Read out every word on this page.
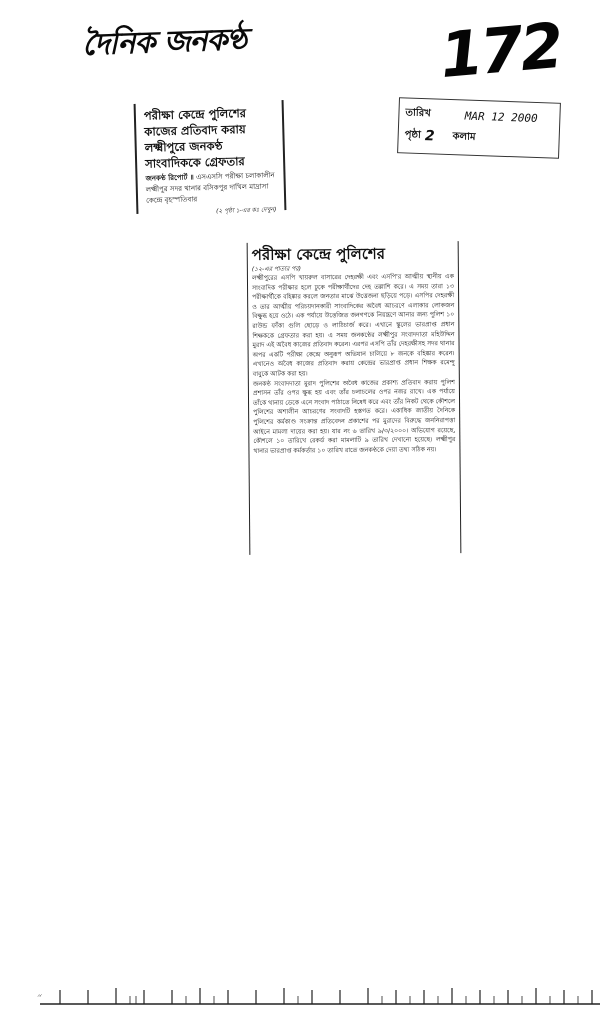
দৈনিক জনকণ্ঠ	172
তারিখ	MAR 12 2000
পৃষ্ঠা 2 কলাম
পরীক্ষা কেন্দ্রে পুলিশের কাজের প্রতিবাদ করায় লক্ষ্মীপুরে জনকণ্ঠ সাংবাদিককে গ্রেফতার
জনকণ্ঠ রিপোর্ট ॥ এসএসসি পরীক্ষা চলাকালীন লক্ষ্মীপুর সদর থানার বসিকপুর দাখিল মাদ্রাসা কেন্দ্রে বৃহস্পতিবার
(২ পৃষ্ঠা ১-এর কঃ দেখুন)
পরীক্ষা কেন্দ্রে পুলিশের
(১২-এর পাতার পর)
লক্ষ্মীপুরের এসপি খায়রুল বাসারের দেহরক্ষী এবং এসপি'র আত্মীয় স্থানীয় এক সাংবাদিক পরীক্ষার হলে ঢুকে পরীক্ষার্থীদের দেহ তল্লাশি করে। এ সময় তারা ১৩ পরীক্ষার্থীকে বহিষ্কার করলে জনতার মাঝে উত্তেজনা ছড়িয়ে পড়ে। এসপির দেহরক্ষী ও তার আত্মীয় পরিচয়দানকারী সাংবাদিকের অবৈধ আচরণে এলাকার লোকজন বিক্ষুব্ধ হয়ে ওঠে। এক পর্যায়ে উত্তেজিত জনগণকে নিয়ন্ত্রণে আনার জন্য পুলিশ ১০ রাউন্ড ফাঁকা গুলি ছোড়ে ও লাঠিচার্জ করে। এখানে স্কুলের ভারপ্রাপ্ত প্রধান শিক্ষককে গ্রেফতার করা হয়। এ সময় জনকণ্ঠের লক্ষ্মীপুর সংবাদদাতা মহিউদ্দিন মুরাদ এই অবৈধ কাজের প্রতিবাদ করেন। এরপর এসপি তাঁর দেহরক্ষীসহ সদর থানার অপর একটি পরীক্ষা কেন্দ্রে অনুরূপ অভিযান চালিয়ে ৮ জনকে বহিষ্কার করেন। এখানেও অবৈধ কাজের প্রতিবাদ করায় কেন্দ্রের ভারপ্রাপ্ত প্রধান শিক্ষক রমেন্দু বাবুকে আটক করা হয়।
জনকণ্ঠ সংবাদদাতা মুরাদ পুলিশের অবৈধ কাজের প্রকাশ্য প্রতিবাদ করায় পুলিশ প্রশাসন তাঁর ওপর ক্ষুব্ধ হয় এবং তাঁর চলাচলের ওপর নজর রাখে। এক পর্যায়ে তাঁকে থানায় ডেকে এনে সংবাদ পাঠাতে নিষেধ করে এবং তাঁর নিকট থেকে কৌশলে পুলিশের অশালীন আচরণের সংবাদটি হস্তগত করে। একাধিক জাতীয় দৈনিকে পুলিশের কর্মকাণ্ড সংক্রান্ত প্রতিবেদন প্রকাশের পর মুরাদের বিরুদ্ধে জননিরাপত্তা আইনে মামলা দায়ের করা হয়। যার নং ৬ তারিখ ৯/৩/২০০০। অভিযোগ রয়েছে, কৌশলে ১০ তারিখে রেকর্ড করা মামলাটি ৯ তারিখ দেখানো হয়েছে। লক্ষ্মীপুর থানার ভারপ্রাপ্ত কর্মকর্তার ১০ তারিখ রাতে জনকণ্ঠকে দেয়া তথ্য সঠিক নয়।
২
